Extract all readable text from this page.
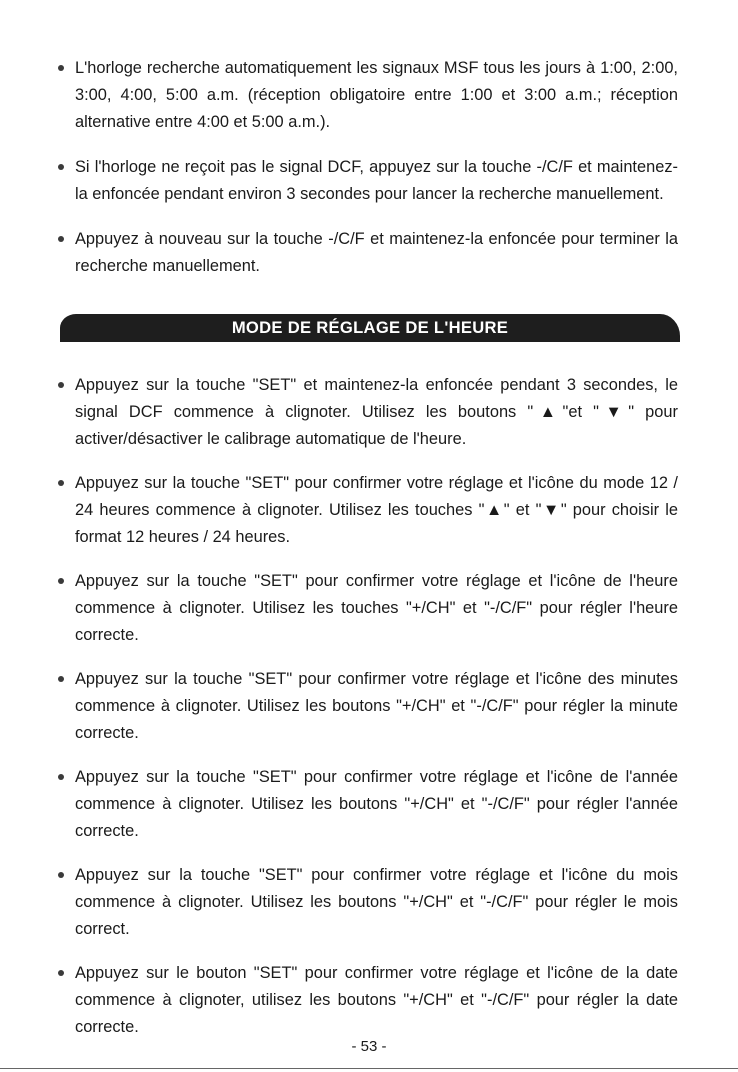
L'horloge recherche automatiquement les signaux MSF tous les jours à 1:00, 2:00, 3:00, 4:00, 5:00 a.m. (réception obligatoire entre 1:00 et 3:00 a.m.; réception alternative entre 4:00 et 5:00 a.m.).
Si l'horloge ne reçoit pas le signal DCF, appuyez sur la touche -/C/F et maintenez-la enfoncée pendant environ 3 secondes pour lancer la recherche manuellement.
Appuyez à nouveau sur la touche -/C/F et maintenez-la enfoncée pour terminer la recherche manuellement.
MODE DE RÉGLAGE DE L'HEURE
Appuyez sur la touche "SET" et maintenez-la enfoncée pendant 3 secondes, le signal DCF commence à clignoter. Utilisez les boutons "▲"et "▼" pour activer/désactiver le calibrage automatique de l'heure.
Appuyez sur la touche "SET" pour confirmer votre réglage et l'icône du mode 12 / 24 heures commence à clignoter. Utilisez les touches "▲" et "▼" pour choisir le format 12 heures / 24 heures.
Appuyez sur la touche "SET" pour confirmer votre réglage et l'icône de l'heure commence à clignoter. Utilisez les touches "+/CH" et "-/C/F" pour régler l'heure correcte.
Appuyez sur la touche "SET" pour confirmer votre réglage et l'icône des minutes commence à clignoter. Utilisez les boutons "+/CH" et "-/C/F" pour régler la minute correcte.
Appuyez sur la touche "SET" pour confirmer votre réglage et l'icône de l'année commence à clignoter. Utilisez les boutons "+/CH" et "-/C/F" pour régler l'année correcte.
Appuyez sur la touche "SET" pour confirmer votre réglage et l'icône du mois commence à clignoter. Utilisez les boutons "+/CH" et "-/C/F" pour régler le mois correct.
Appuyez sur le bouton "SET" pour confirmer votre réglage et l'icône de la date commence à clignoter, utilisez les boutons "+/CH" et "-/C/F" pour régler la date correcte.
- 53 -
